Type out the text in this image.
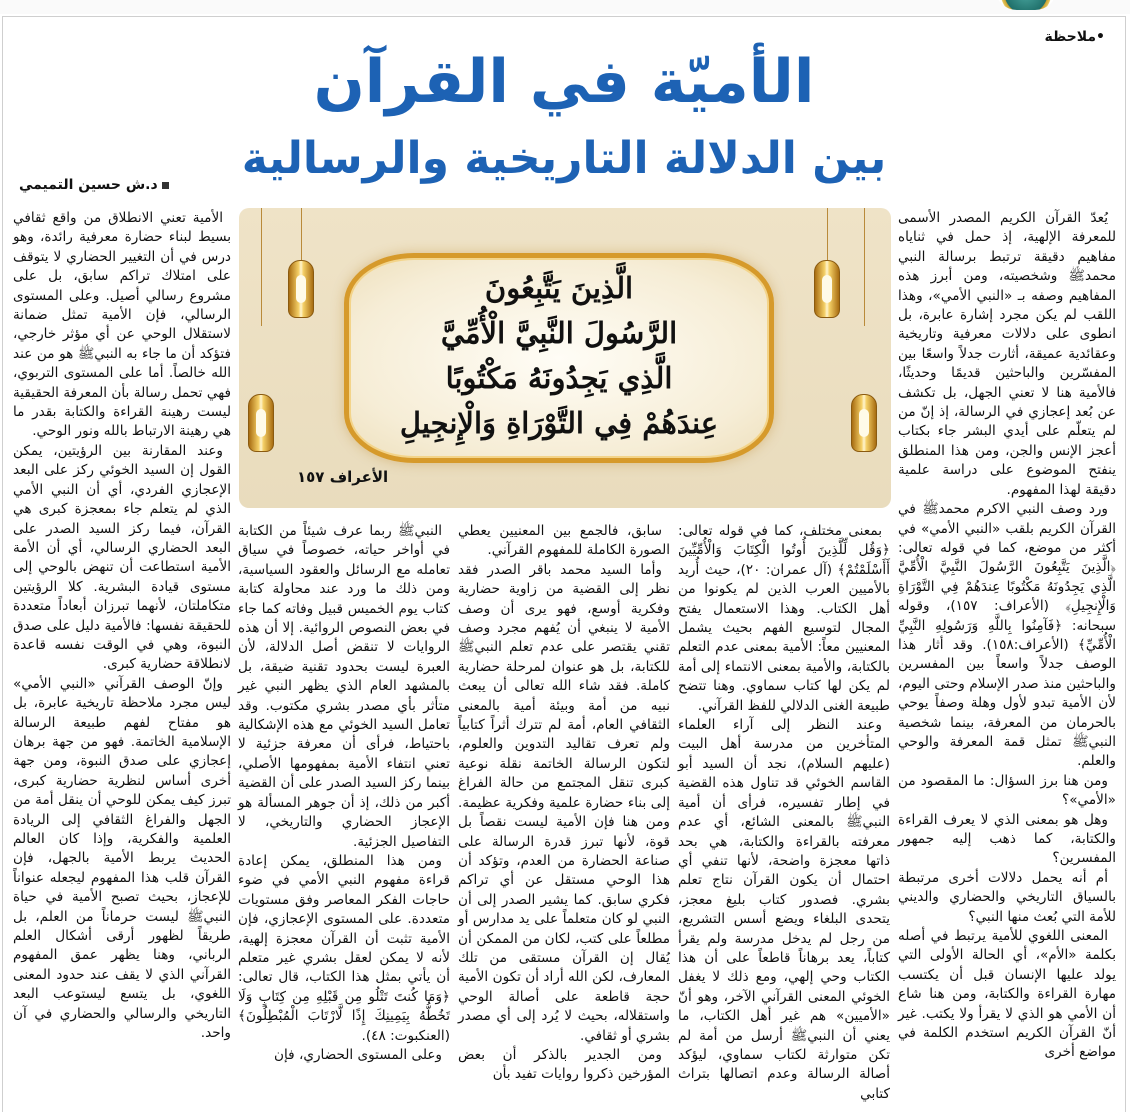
•ملاحظة
الأميّة في القرآن
بين الدلالة التاريخية والرسالية
د.ش حسين التميمي
الَّذِينَ يَتَّبِعُونَ
الرَّسُولَ النَّبِيَّ الْأُمِّيَّ
الَّذِي يَجِدُونَهُ مَكْتُوبًا
عِندَهُمْ فِي التَّوْرَاةِ وَالْإِنجِيلِ
الأعراف ١٥٧

يُعدّ القرآن الكريم المصدر الأسمى للمعرفة الإلهية، إذ حمل في ثناياه مفاهيم دقيقة ترتبط برسالة النبي محمدﷺ وشخصيته، ومن أبرز هذه المفاهيم وصفه بـ «النبي الأمي»، وهذا اللقب لم يكن مجرد إشارة عابرة، بل انطوى على دلالات معرفية وتاريخية وعقائدية عميقة، أثارت جدلاً واسعًا بين المفسّرين والباحثين قديمًا وحديثًا، فالأمية هنا لا تعني الجهل، بل تكشف عن بُعد إعجازي في الرسالة، إذ إنّ من لم يتعلّم على أيدي البشر جاء بكتاب أعجز الإنس والجن، ومن هذا المنطلق ينفتح الموضوع على دراسة علمية دقيقة لهذا المفهوم.

ورد وصف النبي الاكرم محمدﷺ في القرآن الكريم بلقب «النبي الأمي» في أكثر من موضع، كما في قوله تعالى: ﴿الَّذِينَ يَتَّبِعُونَ الرَّسُولَ النَّبِيَّ الْأُمِّيَّ الَّذِي يَجِدُونَهُ مَكْتُوبًا عِندَهُمْ فِي التَّوْرَاةِ وَالْإِنجِيلِ﴾ (الأعراف: ١٥٧)، وقوله سبحانه: ﴿فَآمِنُوا بِاللَّهِ وَرَسُولِهِ النَّبِيِّ الْأُمِّيِّ﴾ (الأعراف:١٥٨). وقد أثار هذا الوصف جدلاً واسعاً بين المفسرين والباحثين منذ صدر الإسلام وحتى اليوم، لأن الأمية تبدو لأول وهلة وصفاً يوحي بالحرمان من المعرفة، بينما شخصية النبيﷺ تمثل قمة المعرفة والوحي والعلم.

ومن هنا برز السؤال: ما المقصود من «الأمي»؟

وهل هو بمعنى الذي لا يعرف القراءة والكتابة، كما ذهب إليه جمهور المفسرين؟

أم أنه يحمل دلالات أخرى مرتبطة بالسياق التاريخي والحضاري والديني للأمة التي بُعث منها النبي؟

المعنى اللغوي للأمية يرتبط في أصله بكلمة «الأم»، أي الحالة الأولى التي يولد عليها الإنسان قبل أن يكتسب مهارة القراءة والكتابة، ومن هنا شاع أن الأمي هو الذي لا يقرأ ولا يكتب. غير أنّ القرآن الكريم استخدم الكلمة في مواضع أخرى

بمعنى مختلف، كما في قوله تعالى: ﴿وَقُل لِّلَّذِينَ أُوتُوا الْكِتَابَ وَالْأُمِّيِّينَ أَأَسْلَمْتُمْ﴾ (آل عمران: ٢٠)، حيث أُريد بالأميين العرب الذين لم يكونوا من أهل الكتاب. وهذا الاستعمال يفتح المجال لتوسيع الفهم بحيث يشمل المعنيين معاً: الأمية بمعنى عدم التعلم بالكتابة، والأمية بمعنى الانتماء إلى أمة لم يكن لها كتاب سماوي. وهنا تتضح طبيعة الغنى الدلالي للفظ القرآني.

وعند النظر إلى آراء العلماء المتأخرين من مدرسة أهل البيت (عليهم السلام)، نجد أن السيد أبو القاسم الخوئي قد تناول هذه القضية في إطار تفسيره، فرأى أن أمية النبيﷺ بالمعنى الشائع، أي عدم معرفته بالقراءة والكتابة، هي بحد ذاتها معجزة واضحة، لأنها تنفي أي احتمال أن يكون القرآن نتاج تعلم بشري. فصدور كتاب بليغ معجز، يتحدى البلغاء ويضع أسس التشريع، من رجل لم يدخل مدرسة ولم يقرأ كتاباً، يعد برهاناً قاطعاً على أن هذا الكتاب وحي إلهي، ومع ذلك لا يغفل الخوئي المعنى القرآني الآخر، وهو أنّ «الأميين» هم غير أهل الكتاب، ما يعني أن النبيﷺ أرسل من أمة لم تكن متوارثة لكتاب سماوي، ليؤكد أصالة الرسالة وعدم اتصالها بتراث كتابي

سابق، فالجمع بين المعنيين يعطي الصورة الكاملة للمفهوم القرآني.

وأما السيد محمد باقر الصدر فقد نظر إلى القضية من زاوية حضارية وفكرية أوسع، فهو يرى أن وصف الأمية لا ينبغي أن يُفهم مجرد وصف تقني يقتصر على عدم تعلم النبيﷺ للكتابة، بل هو عنوان لمرحلة حضارية كاملة. فقد شاء الله تعالى أن يبعث نبيه من أمة وبيئة أمية بالمعنى الثقافي العام، أمة لم تترك أثراً كتابياً ولم تعرف تقاليد التدوين والعلوم، لتكون الرسالة الخاتمة نقلة نوعية كبرى تنقل المجتمع من حالة الفراغ إلى بناء حضارة علمية وفكرية عظيمة. ومن هنا فإن الأمية ليست نقصاً بل قوة، لأنها تبرز قدرة الرسالة على صناعة الحضارة من العدم، وتؤكد أن هذا الوحي مستقل عن أي تراكم فكري سابق. كما يشير الصدر إلى أن النبي لو كان متعلماً على يد مدارس أو مطلعاً على كتب، لكان من الممكن أن يُقال إن القرآن مستقى من تلك المعارف، لكن الله أراد أن تكون الأمية حجة قاطعة على أصالة الوحي واستقلاله، بحيث لا يُرد إلى أي مصدر بشري أو ثقافي.

ومن الجدير بالذكر أن بعض المؤرخين ذكروا روايات تفيد بأن

النبيﷺ ربما عرف شيئاً من الكتابة في أواخر حياته، خصوصاً في سياق تعامله مع الرسائل والعقود السياسية، ومن ذلك ما ورد عند محاولة كتابة كتاب يوم الخميس قبيل وفاته كما جاء في بعض النصوص الروائية. إلا أن هذه الروايات لا تنقض أصل الدلالة، لأن العبرة ليست بحدود تقنية ضيقة، بل بالمشهد العام الذي يظهر النبي غير متأثر بأي مصدر بشري مكتوب. وقد تعامل السيد الخوئي مع هذه الإشكالية باحتياط، فرأى أن معرفة جزئية لا تعني انتفاء الأمية بمفهومها الأصلي، بينما ركز السيد الصدر على أن القضية أكبر من ذلك، إذ أن جوهر المسألة هو الإعجاز الحضاري والتاريخي، لا التفاصيل الجزئية.

ومن هذا المنطلق، يمكن إعادة قراءة مفهوم النبي الأمي في ضوء حاجات الفكر المعاصر وفق مستويات متعددة. على المستوى الإعجازي، فإن الأمية تثبت أن القرآن معجزة إلهية، لأنه لا يمكن لعقل بشري غير متعلم أن يأتي بمثل هذا الكتاب، قال تعالى: ﴿وَمَا كُنتَ تَتْلُو مِن قَبْلِهِ مِن كِتَابٍ وَلَا تَخُطُّهُ بِيَمِينِكَ إِذًا لَّارْتَابَ الْمُبْطِلُونَ﴾ (العنكبوت: ٤٨).

وعلى المستوى الحضاري، فإن

الأمية تعني الانطلاق من واقع ثقافي بسيط لبناء حضارة معرفية رائدة، وهو درس في أن التغيير الحضاري لا يتوقف على امتلاك تراكم سابق، بل على مشروع رسالي أصيل. وعلى المستوى الرسالي، فإن الأمية تمثل ضمانة لاستقلال الوحي عن أي مؤثر خارجي، فتؤكد أن ما جاء به النبيﷺ هو من عند الله خالصاً. أما على المستوى التربوي، فهي تحمل رسالة بأن المعرفة الحقيقية ليست رهينة القراءة والكتابة بقدر ما هي رهينة الارتباط بالله ونور الوحي.

وعند المقارنة بين الرؤيتين، يمكن القول إن السيد الخوئي ركز على البعد الإعجازي الفردي، أي أن النبي الأمي الذي لم يتعلم جاء بمعجزة كبرى هي القرآن، فيما ركز السيد الصدر على البعد الحضاري الرسالي، أي أن الأمة الأمية استطاعت أن تنهض بالوحي إلى مستوى قيادة البشرية. كلا الرؤيتين متكاملتان، لأنهما تبرزان أبعاداً متعددة للحقيقة نفسها: فالأمية دليل على صدق النبوة، وهي في الوقت نفسه قاعدة لانطلاقة حضارية كبرى.

وإنّ الوصف القرآني «النبي الأمي» ليس مجرد ملاحظة تاريخية عابرة، بل هو مفتاح لفهم طبيعة الرسالة الإسلامية الخاتمة. فهو من جهة برهان إعجازي على صدق النبوة، ومن جهة أخرى أساس لنظرية حضارية كبرى، تبرز كيف يمكن للوحي أن ينقل أمة من الجهل والفراغ الثقافي إلى الريادة العلمية والفكرية، وإذا كان العالم الحديث يربط الأمية بالجهل، فإن القرآن قلب هذا المفهوم ليجعله عنواناً للإعجاز، بحيث تصبح الأمية في حياة النبيﷺ ليست حرماناً من العلم، بل طريقاً لظهور أرقى أشكال العلم الرباني، وهنا يظهر عمق المفهوم القرآني الذي لا يقف عند حدود المعنى اللغوي، بل يتسع ليستوعب البعد التاريخي والرسالي والحضاري في آن واحد.
